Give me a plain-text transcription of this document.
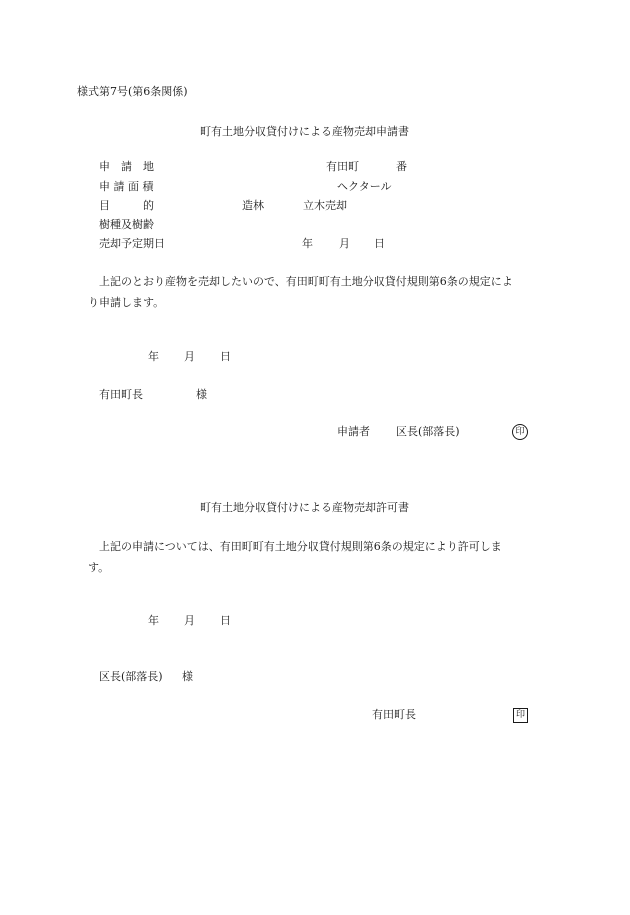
様式第7号(第6条関係)
町有土地分収貸付けによる産物売却申請書
申　請　地	有田町	番
申 請 面 積	ヘクタール
目　　　的	造林	立木売却
樹種及樹齢
売却予定期日	年 月 日
上記のとおり産物を売却したいので、有田町町有土地分収貸付規則第6条の規定によ
り申請します。
年 月 日
有田町長	様
申請者 区長(部落長)	印
町有土地分収貸付けによる産物売却許可書
上記の申請については、有田町町有土地分収貸付規則第6条の規定により許可しま
す。
年 月 日
区長(部落長) 様
有田町長	印
